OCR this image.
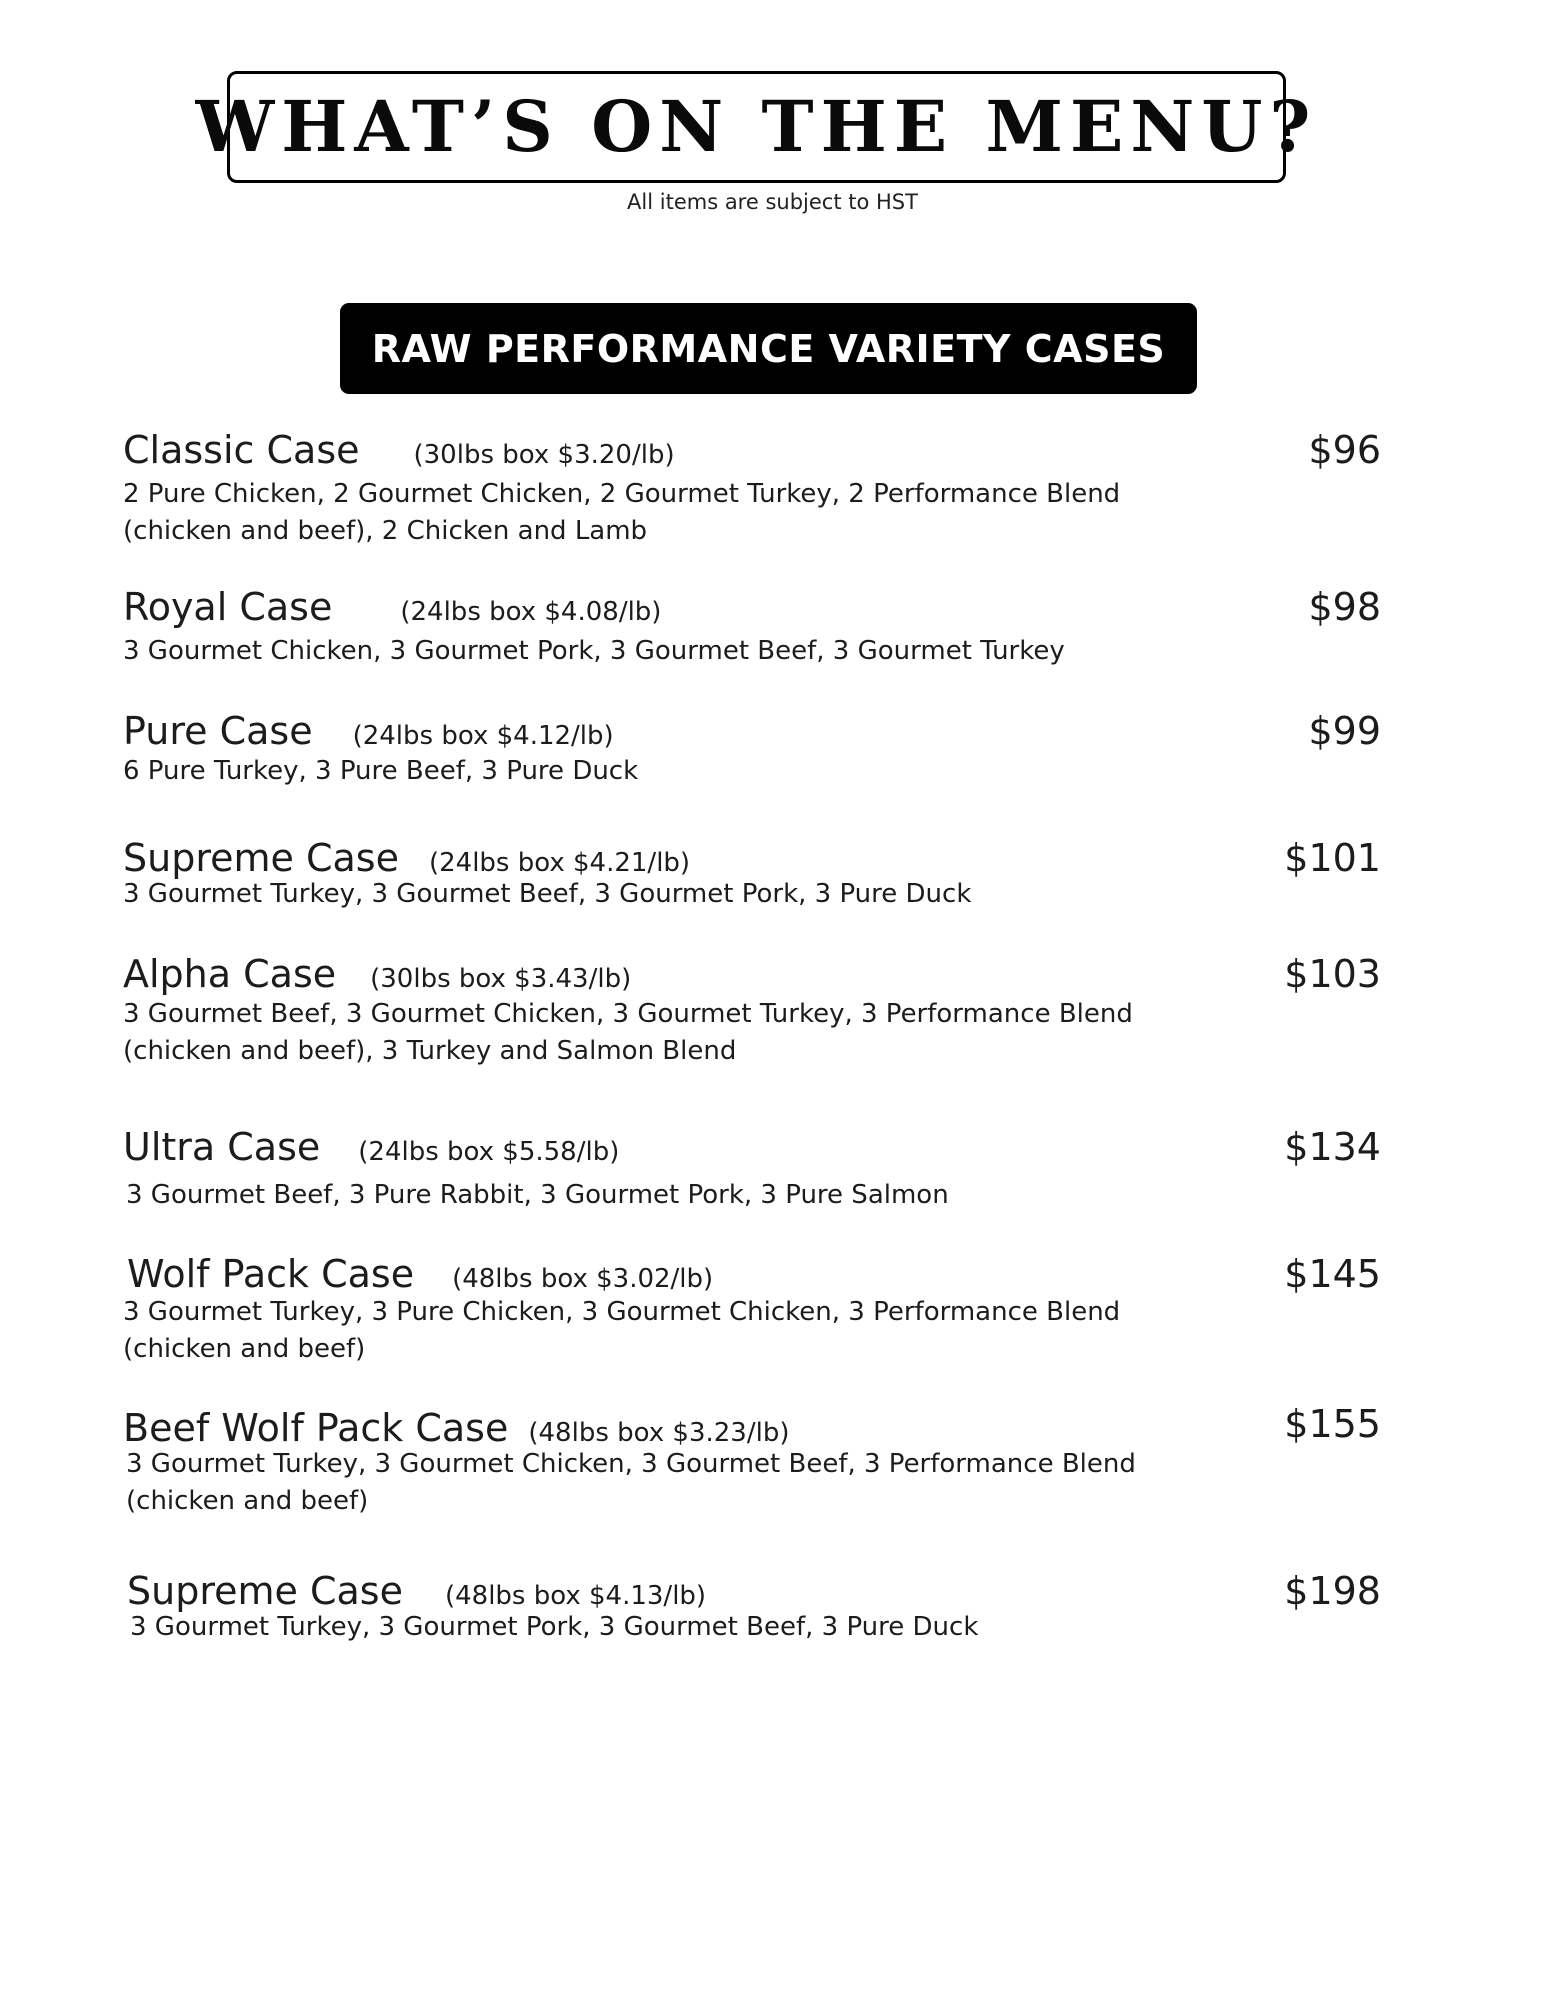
WHAT’S ON THE MENU?
All items are subject to HST
RAW PERFORMANCE VARIETY CASES
Classic Case (30lbs box $3.20/lb)	$96
2 Pure Chicken, 2 Gourmet Chicken, 2 Gourmet Turkey, 2 Performance Blend (chicken and beef), 2 Chicken and Lamb
Royal Case	(24lbs box $4.08/lb)	$98
3 Gourmet Chicken, 3 Gourmet Pork, 3 Gourmet Beef, 3 Gourmet Turkey
Pure Case (24lbs box $4.12/lb)	$99
6 Pure Turkey, 3 Pure Beef, 3 Pure Duck
Supreme Case (24lbs box $4.21/lb)	$101
3 Gourmet Turkey, 3 Gourmet Beef, 3 Gourmet Pork, 3 Pure Duck
Alpha Case (30lbs box $3.43/lb)	$103
3 Gourmet Beef, 3 Gourmet Chicken, 3 Gourmet Turkey, 3 Performance Blend (chicken and beef), 3 Turkey and Salmon Blend
Ultra Case (24lbs box $5.58/lb)	$134
3 Gourmet Beef, 3 Pure Rabbit, 3 Gourmet Pork, 3 Pure Salmon
Wolf Pack Case (48lbs box $3.02/lb)	$145
3 Gourmet Turkey, 3 Pure Chicken, 3 Gourmet Chicken, 3 Performance Blend (chicken and beef)
Beef Wolf Pack Case (48lbs box $3.23/lb)	$155
3 Gourmet Turkey, 3 Gourmet Chicken, 3 Gourmet Beef, 3 Performance Blend (chicken and beef)
Supreme Case (48lbs box $4.13/lb)	$198
3 Gourmet Turkey, 3 Gourmet Pork, 3 Gourmet Beef, 3 Pure Duck
